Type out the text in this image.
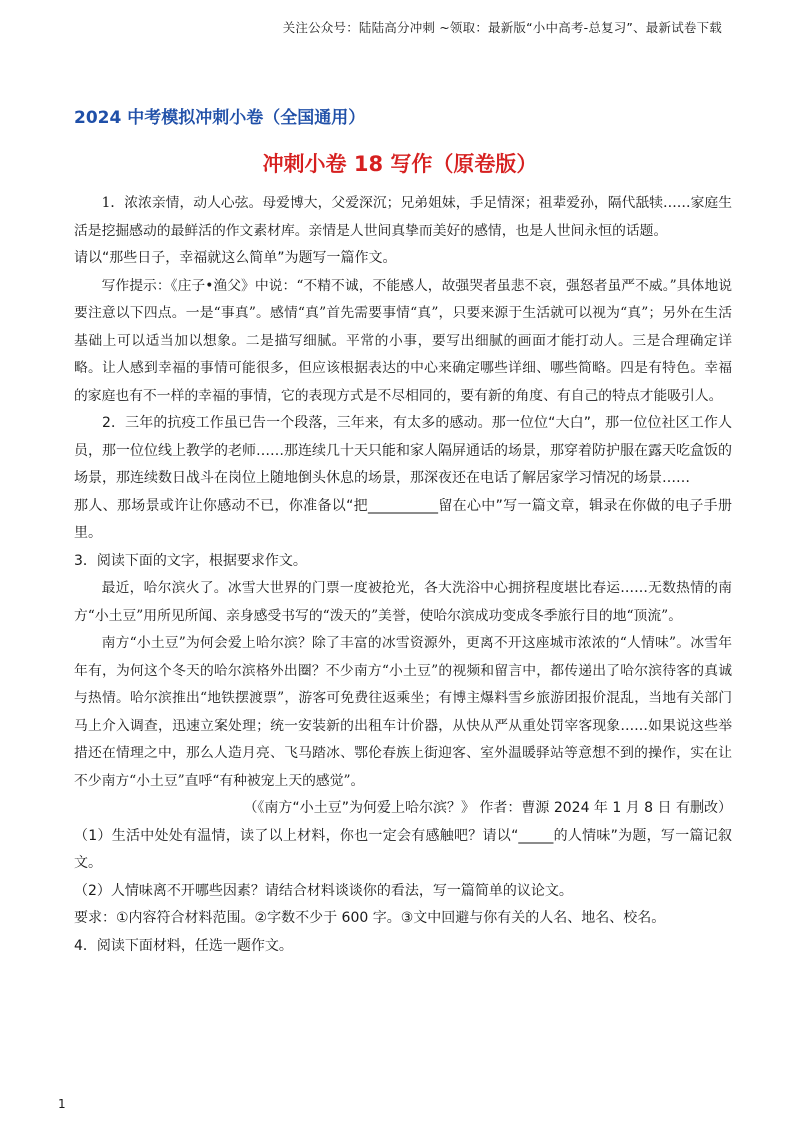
关注公众号：陆陆高分冲刺 ~领取：最新版“小中高考-总复习”、最新试卷下载
2024 中考模拟冲刺小卷（全国通用）
冲刺小卷 18 写作（原卷版）

1．浓浓亲情，动人心弦。母爱博大，父爱深沉；兄弟姐妹，手足情深；祖辈爱孙，隔代舐犊……家庭生活是挖掘感动的最鲜活的作文素材库。亲情是人世间真挚而美好的感情，也是人世间永恒的话题。

请以“那些日子，幸福就这么简单”为题写一篇作文。

写作提示：《庄子•渔父》中说：“不精不诚，不能感人，故强哭者虽悲不哀，强怒者虽严不威。”具体地说要注意以下四点。一是“事真”。感情“真”首先需要事情“真”，只要来源于生活就可以视为“真”；另外在生活基础上可以适当加以想象。二是描写细腻。平常的小事，要写出细腻的画面才能打动人。三是合理确定详略。让人感到幸福的事情可能很多，但应该根据表达的中心来确定哪些详细、哪些简略。四是有特色。幸福的家庭也有不一样的幸福的事情，它的表现方式是不尽相同的，要有新的角度、有自己的特点才能吸引人。

2．三年的抗疫工作虽已告一个段落，三年来，有太多的感动。那一位位“大白”，那一位位社区工作人员，那一位位线上教学的老师……那连续几十天只能和家人隔屏通话的场景，那穿着防护服在露天吃盒饭的场景，那连续数日战斗在岗位上随地倒头休息的场景，那深夜还在电话了解居家学习情况的场景……

那人、那场景或许让你感动不已，你准备以“把__________留在心中”写一篇文章，辑录在你做的电子手册里。

3．阅读下面的文字，根据要求作文。

最近，哈尔滨火了。冰雪大世界的门票一度被抢光，各大洗浴中心拥挤程度堪比春运……无数热情的南方“小土豆”用所见所闻、亲身感受书写的“泼天的”美誉，使哈尔滨成功变成冬季旅行目的地“顶流”。

南方“小土豆”为何会爱上哈尔滨？除了丰富的冰雪资源外，更离不开这座城市浓浓的“人情味”。冰雪年年有，为何这个冬天的哈尔滨格外出圈？不少南方“小土豆”的视频和留言中，都传递出了哈尔滨待客的真诚与热情。哈尔滨推出“地铁摆渡票”，游客可免费往返乘坐；有博主爆料雪乡旅游团报价混乱，当地有关部门马上介入调查，迅速立案处理；统一安装新的出租车计价器，从快从严从重处罚宰客现象……如果说这些举措还在情理之中，那么人造月亮、飞马踏冰、鄂伦春族上街迎客、室外温暖驿站等意想不到的操作，实在让不少南方“小土豆”直呼“有种被宠上天的感觉”。

（《南方“小土豆”为何爱上哈尔滨？》 作者：曹源 2024 年 1 月 8 日 有删改）

（1）生活中处处有温情，读了以上材料，你也一定会有感触吧？请以“_____的人情味”为题，写一篇记叙文。

（2）人情味离不开哪些因素？请结合材料谈谈你的看法，写一篇简单的议论文。

要求：①内容符合材料范围。②字数不少于 600 字。③文中回避与你有关的人名、地名、校名。

4．阅读下面材料，任选一题作文。

1
